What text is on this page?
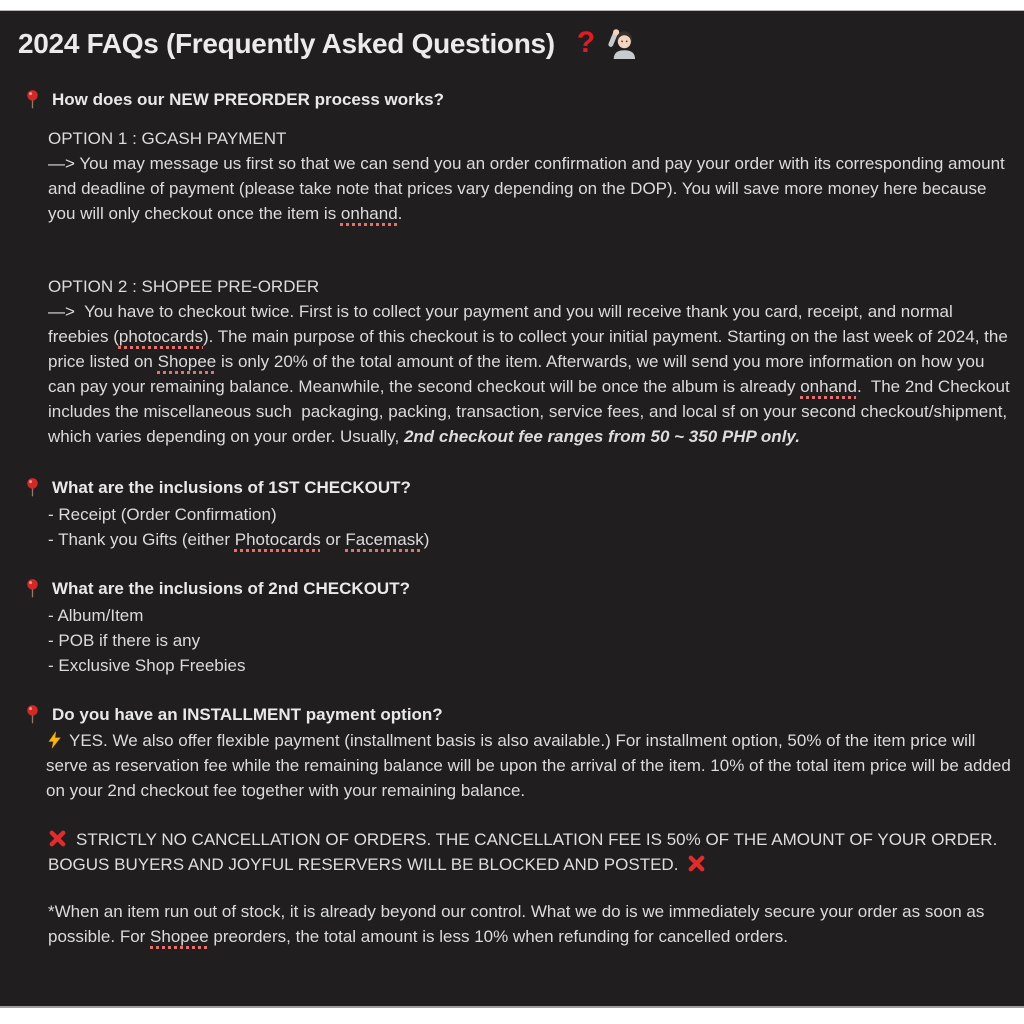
2024 FAQs (Frequently Asked Questions) ?
How does our NEW PREORDER process works?
OPTION 1 : GCASH PAYMENT

—> You may message us first so that we can send you an order confirmation and pay your order with its corresponding amount and deadline of payment (please take note that prices vary depending on the DOP). You will save more money here because you will only checkout once the item is onhand.

OPTION 2 : SHOPEE PRE-ORDER

—>  You have to checkout twice. First is to collect your payment and you will receive thank you card, receipt, and normal freebies (photocards). The main purpose of this checkout is to collect your initial payment. Starting on the last week of 2024, the price listed on Shopee is only 20% of the total amount of the item. Afterwards, we will send you more information on how you can pay your remaining balance. Meanwhile, the second checkout will be once the album is already onhand.  The 2nd Checkout includes the miscellaneous such  packaging, packing, transaction, service fees, and local sf on your second checkout/shipment, which varies depending on your order. Usually, 2nd checkout fee ranges from 50 ~ 350 PHP only.

What are the inclusions of 1ST CHECKOUT?
- Receipt (Order Confirmation)
- Thank you Gifts (either Photocards or Facemask)
What are the inclusions of 2nd CHECKOUT?
- Album/Item
- POB if there is any
- Exclusive Shop Freebies
Do you have an INSTALLMENT payment option?

YES. We also offer flexible payment (installment basis is also available.) For installment option, 50% of the item price will serve as reservation fee while the remaining balance will be upon the arrival of the item. 10% of the total item price will be added on your 2nd checkout fee together with your remaining balance.

STRICTLY NO CANCELLATION OF ORDERS. THE CANCELLATION FEE IS 50% OF THE AMOUNT OF YOUR ORDER. BOGUS BUYERS AND JOYFUL RESERVERS WILL BE BLOCKED AND POSTED.

*When an item run out of stock, it is already beyond our control. What we do is we immediately secure your order as soon as possible. For Shopee preorders, the total amount is less 10% when refunding for cancelled orders.
